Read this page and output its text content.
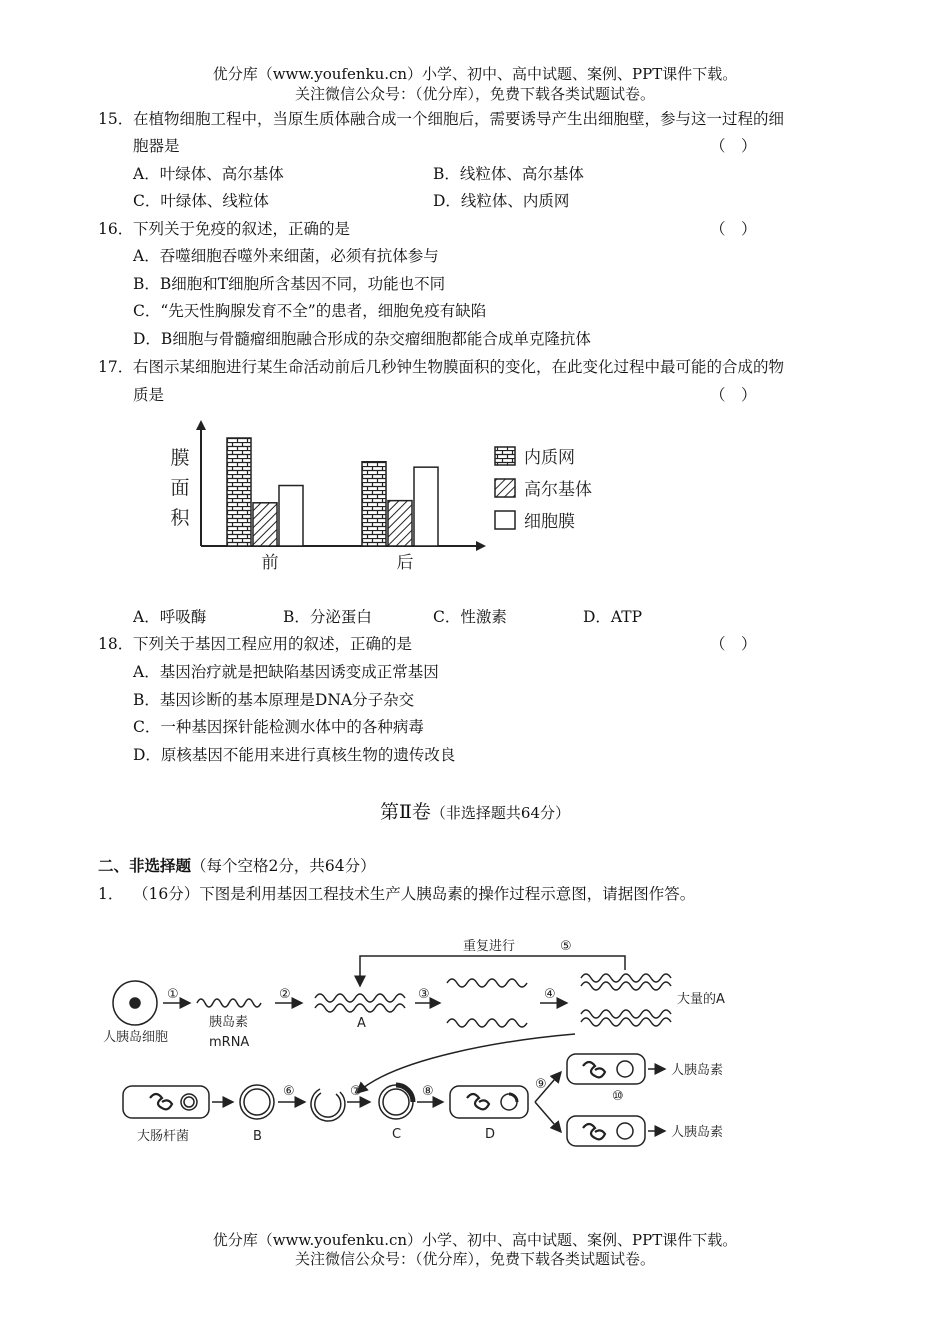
优分库（www.youfenku.cn）小学、初中、高中试题、案例、PPT课件下载。
关注微信公众号：（优分库），免费下载各类试题试卷。
15． 在植物细胞工程中，当原生质体融合成一个细胞后，需要诱导产生出细胞壁，参与这一过程的细
胞器是	（　）
A．叶绿体、高尔基体	B．线粒体、高尔基体
C．叶绿体、线粒体	D．线粒体、内质网
16． 下列关于免疫的叙述，正确的是	（　）
A．吞噬细胞吞噬外来细菌，必须有抗体参与
B．B细胞和T细胞所含基因不同，功能也不同
C．“先天性胸腺发育不全”的患者，细胞免疫有缺陷
D．B细胞与骨髓瘤细胞融合形成的杂交瘤细胞都能合成单克隆抗体
17． 右图示某细胞进行某生命活动前后几秒钟生物膜面积的变化，在此变化过程中最可能的合成的物
质是	（　）
膜面积
前	后
内质网
高尔基体
细胞膜
A．呼吸酶	B．分泌蛋白	C．性激素	D．ATP
18． 下列关于基因工程应用的叙述，正确的是	（　）
A．基因治疗就是把缺陷基因诱变成正常基因
B．基因诊断的基本原理是DNA分子杂交
C．一种基因探针能检测水体中的各种病毒
D．原核基因不能用来进行真核生物的遗传改良
第Ⅱ卷（非选择题共64分）
二、非选择题（每个空格2分，共64分）
1． （16分）下图是利用基因工程技术生产人胰岛素的操作过程示意图，请据图作答。
重复进行	⑤
①	②	③	④
⑥	⑦	⑧	⑨
⑩
人胰岛细胞
胰岛素
mRNA
A
大量的A
大肠杆菌	B	C	D
人胰岛素
人胰岛素
优分库（www.youfenku.cn）小学、初中、高中试题、案例、PPT课件下载。
关注微信公众号：（优分库），免费下载各类试题试卷。
